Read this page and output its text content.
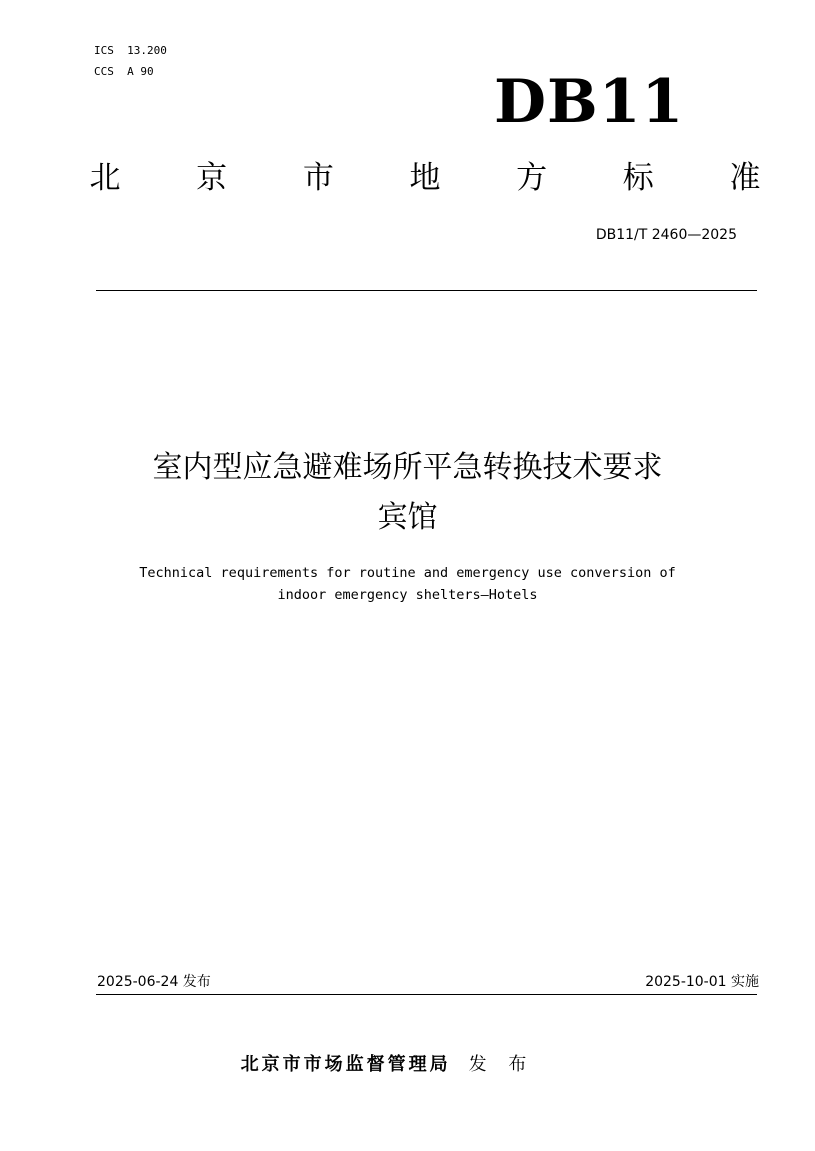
ICS  13.200
CCS  A 90	DB11
北	京	市	地	方	标	准
DB11/T 2460—2025
室内型应急避难场所平急转换技术要求
宾馆
Technical requirements for routine and emergency use conversion of
indoor emergency shelters—Hotels
2025-06-24 发布	2025-10-01 实施
北京市市场监督管理局 发 布
